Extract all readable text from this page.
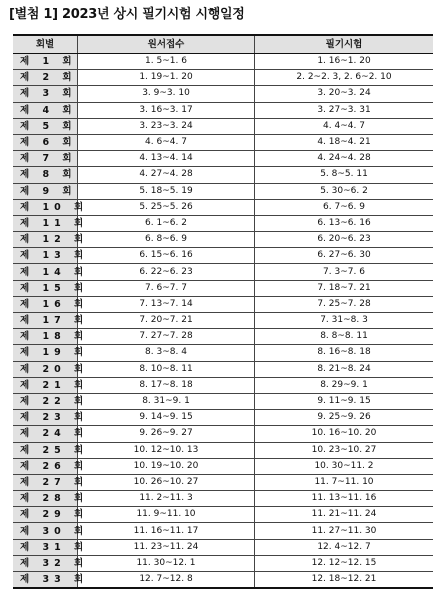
[별첨 1] 2023년 상시 필기시험 시행일정
회별	원서접수	필기시험
제 1 회	1. 5~1. 6	1. 16~1. 20
제 2 회	1. 19~1. 20	2. 2~2. 3, 2. 6~2. 10
제 3 회	3. 9~3. 10	3. 20~3. 24
제 4 회	3. 16~3. 17	3. 27~3. 31
제 5 회	3. 23~3. 24	4. 4~4. 7
제 6 회	4. 6~4. 7	4. 18~4. 21
제 7 회	4. 13~4. 14	4. 24~4. 28
제 8 회	4. 27~4. 28	5. 8~5. 11
제 9 회	5. 18~5. 19	5. 30~6. 2
제 10 회	5. 25~5. 26	6. 7~6. 9
제 11 회	6. 1~6. 2	6. 13~6. 16
제 12 회	6. 8~6. 9	6. 20~6. 23
제 13 회	6. 15~6. 16	6. 27~6. 30
제 14 회	6. 22~6. 23	7. 3~7. 6
제 15 회	7. 6~7. 7	7. 18~7. 21
제 16 회	7. 13~7. 14	7. 25~7. 28
제 17 회	7. 20~7. 21	7. 31~8. 3
제 18 회	7. 27~7. 28	8. 8~8. 11
제 19 회	8. 3~8. 4	8. 16~8. 18
제 20 회	8. 10~8. 11	8. 21~8. 24
제 21 회	8. 17~8. 18	8. 29~9. 1
제 22 회	8. 31~9. 1	9. 11~9. 15
제 23 회	9. 14~9. 15	9. 25~9. 26
제 24 회	9. 26~9. 27	10. 16~10. 20
제 25 회	10. 12~10. 13	10. 23~10. 27
제 26 회	10. 19~10. 20	10. 30~11. 2
제 27 회	10. 26~10. 27	11. 7~11. 10
제 28 회	11. 2~11. 3	11. 13~11. 16
제 29 회	11. 9~11. 10	11. 21~11. 24
제 30 회	11. 16~11. 17	11. 27~11. 30
제 31 회	11. 23~11. 24	12. 4~12. 7
제 32 회	11. 30~12. 1	12. 12~12. 15
제 33 회	12. 7~12. 8	12. 18~12. 21
